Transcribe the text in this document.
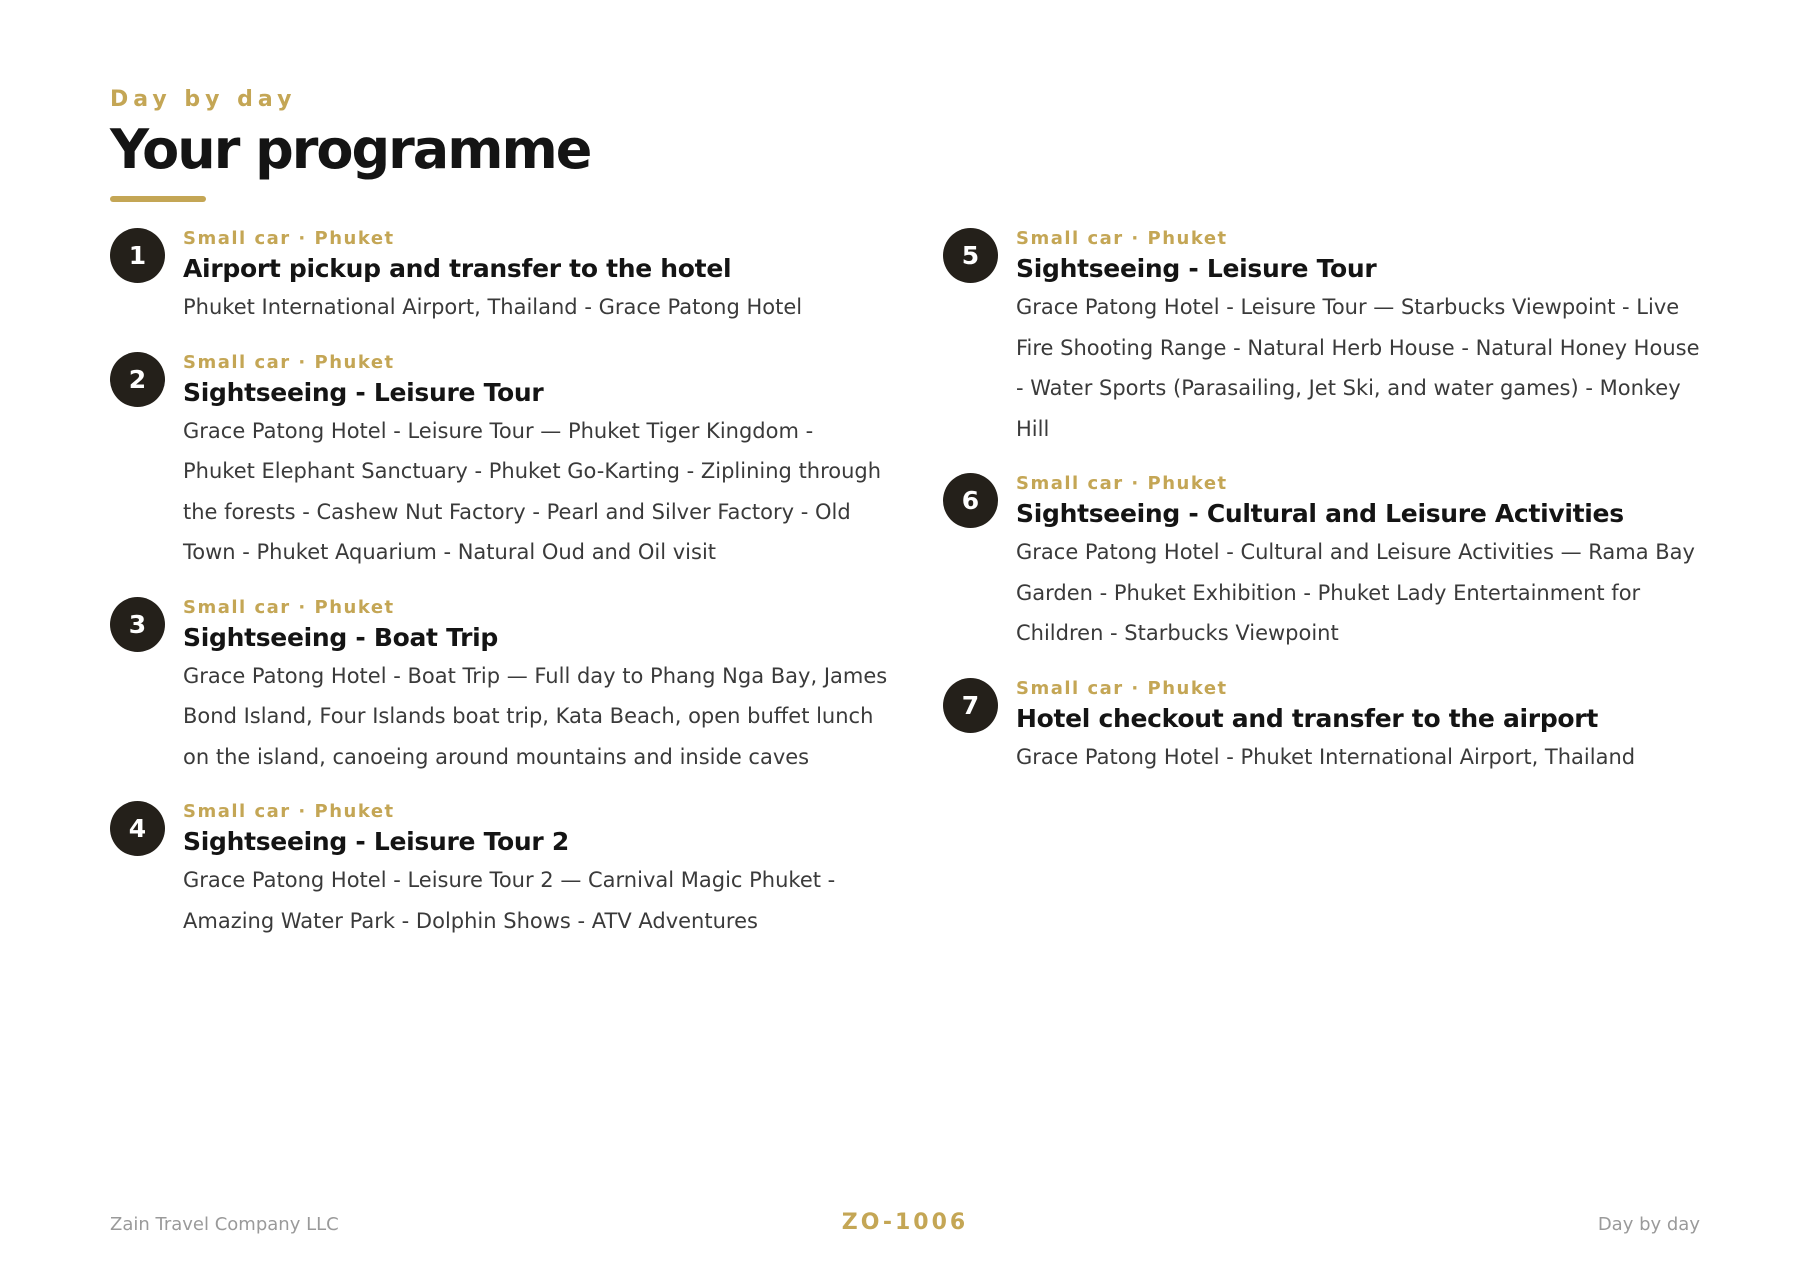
Day by day
Your programme
1
Small car · Phuket
Airport pickup and transfer to the hotel
Phuket International Airport, Thailand - Grace Patong Hotel
2
Small car · Phuket
Sightseeing - Leisure Tour
Grace Patong Hotel - Leisure Tour — Phuket Tiger Kingdom - Phuket Elephant Sanctuary - Phuket Go-Karting - Ziplining through the forests - Cashew Nut Factory - Pearl and Silver Factory - Old Town - Phuket Aquarium - Natural Oud and Oil visit
3
Small car · Phuket
Sightseeing - Boat Trip
Grace Patong Hotel - Boat Trip — Full day to Phang Nga Bay, James Bond Island, Four Islands boat trip, Kata Beach, open buffet lunch on the island, canoeing around mountains and inside caves
4
Small car · Phuket
Sightseeing - Leisure Tour 2
Grace Patong Hotel - Leisure Tour 2 — Carnival Magic Phuket - Amazing Water Park - Dolphin Shows - ATV Adventures
5
Small car · Phuket
Sightseeing - Leisure Tour
Grace Patong Hotel - Leisure Tour — Starbucks Viewpoint - Live Fire Shooting Range - Natural Herb House - Natural Honey House - Water Sports (Parasailing, Jet Ski, and water games) - Monkey Hill
6
Small car · Phuket
Sightseeing - Cultural and Leisure Activities
Grace Patong Hotel - Cultural and Leisure Activities — Rama Bay Garden - Phuket Exhibition - Phuket Lady Entertainment for Children - Starbucks Viewpoint
7
Small car · Phuket
Hotel checkout and transfer to the airport
Grace Patong Hotel - Phuket International Airport, Thailand
Zain Travel Company LLC	ZO-1006	Day by day
